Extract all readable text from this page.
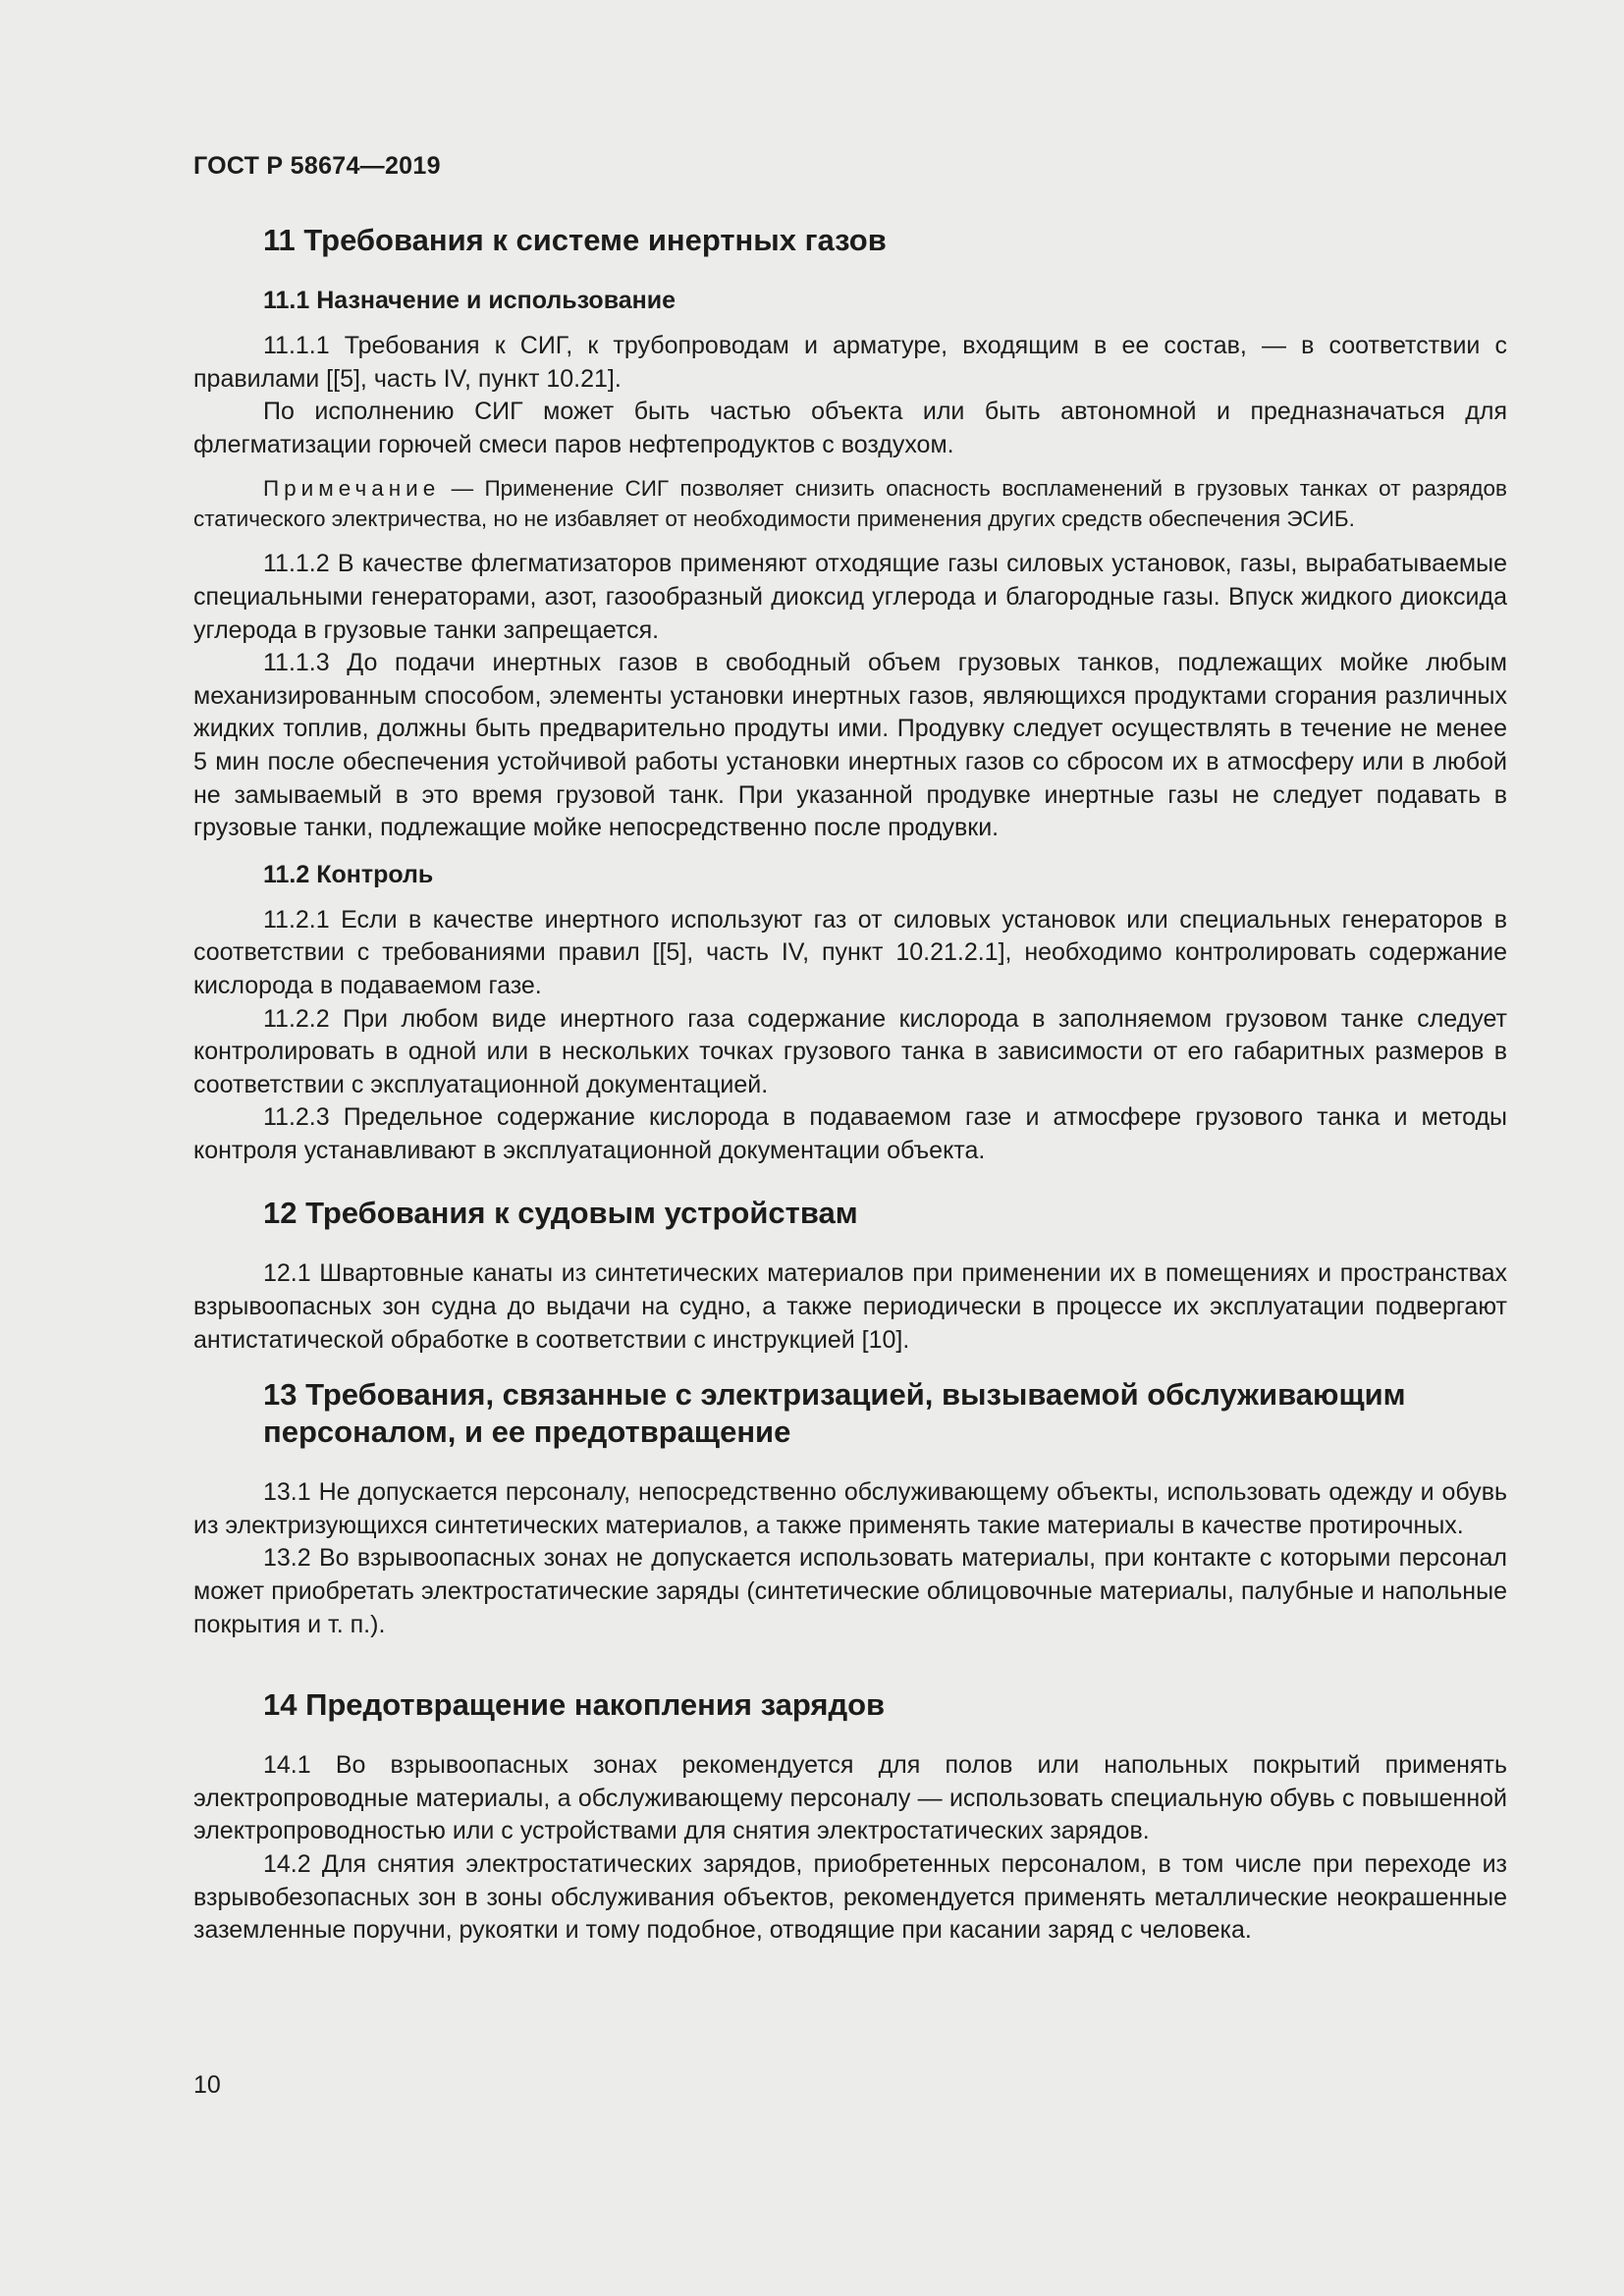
ГОСТ Р 58674—2019
11 Требования к системе инертных газов
11.1 Назначение и использование

11.1.1 Требования к СИГ, к трубопроводам и арматуре, входящим в ее состав, — в соответствии с правилами [[5], часть IV, пункт 10.21].

По исполнению СИГ может быть частью объекта или быть автономной и предназначаться для флегматизации горючей смеси паров нефтепродуктов с воздухом.

Примечание — Применение СИГ позволяет снизить опасность воспламенений в грузовых танках от разрядов статического электричества, но не избавляет от необходимости применения других средств обеспечения ЭСИБ.

11.1.2 В качестве флегматизаторов применяют отходящие газы силовых установок, газы, вырабатываемые специальными генераторами, азот, газообразный диоксид углерода и благородные газы. Впуск жидкого диоксида углерода в грузовые танки запрещается.

11.1.3 До подачи инертных газов в свободный объем грузовых танков, подлежащих мойке любым механизированным способом, элементы установки инертных газов, являющихся продуктами сгорания различных жидких топлив, должны быть предварительно продуты ими. Продувку следует осуществлять в течение не менее 5 мин после обеспечения устойчивой работы установки инертных газов со сбросом их в атмосферу или в любой не замываемый в это время грузовой танк. При указанной продувке инертные газы не следует подавать в грузовые танки, подлежащие мойке непосредственно после продувки.

11.2 Контроль

11.2.1 Если в качестве инертного используют газ от силовых установок или специальных генераторов в соответствии с требованиями правил [[5], часть IV, пункт 10.21.2.1], необходимо контролировать содержание кислорода в подаваемом газе.

11.2.2 При любом виде инертного газа содержание кислорода в заполняемом грузовом танке следует контролировать в одной или в нескольких точках грузового танка в зависимости от его габаритных размеров в соответствии с эксплуатационной документацией.

11.2.3 Предельное содержание кислорода в подаваемом газе и атмосфере грузового танка и методы контроля устанавливают в эксплуатационной документации объекта.

12 Требования к судовым устройствам

12.1 Швартовные канаты из синтетических материалов при применении их в помещениях и пространствах взрывоопасных зон судна до выдачи на судно, а также периодически в процессе их эксплуатации подвергают антистатической обработке в соответствии с инструкцией [10].

13 Требования, связанные с электризацией, вызываемой обслуживающим
персоналом, и ее предотвращение

13.1 Не допускается персоналу, непосредственно обслуживающему объекты, использовать одежду и обувь из электризующихся синтетических материалов, а также применять такие материалы в качестве протирочных.

13.2 Во взрывоопасных зонах не допускается использовать материалы, при контакте с которыми персонал может приобретать электростатические заряды (синтетические облицовочные материалы, палубные и напольные покрытия и т. п.).

14 Предотвращение накопления зарядов

14.1 Во взрывоопасных зонах рекомендуется для полов или напольных покрытий применять электропроводные материалы, а обслуживающему персоналу — использовать специальную обувь с повышенной электропроводностью или с устройствами для снятия электростатических зарядов.

14.2 Для снятия электростатических зарядов, приобретенных персоналом, в том числе при переходе из взрывобезопасных зон в зоны обслуживания объектов, рекомендуется применять металлические неокрашенные заземленные поручни, рукоятки и тому подобное, отводящие при касании заряд с человека.

10
